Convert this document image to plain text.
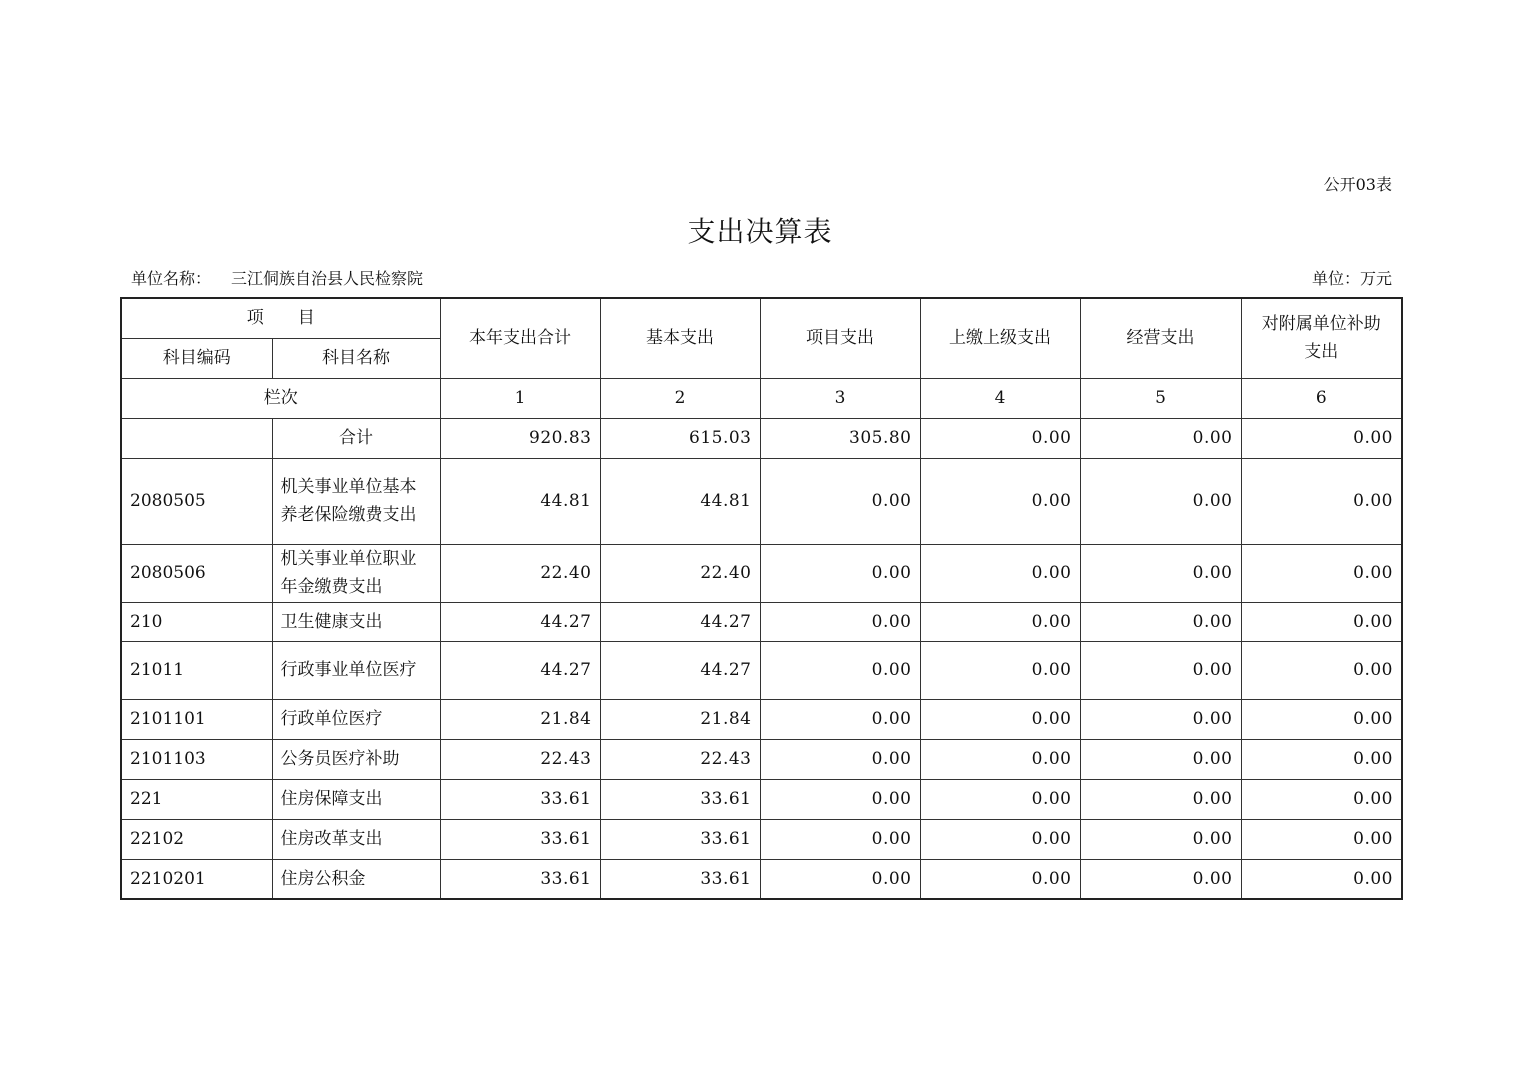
公开03表
支出决算表
单位名称： 三江侗族自治县人民检察院	单位：万元
项　　目		本年支出合计	基本支出	项目支出	上缴上级支出	经营支出	对附属单位补助支出
科目编码	科目名称						
栏次		1	2	3	4	5	6
	合计	920.83	615.03	305.80	0.00	0.00	0.00
2080505	机关事业单位基本养老保险缴费支出	44.81	44.81	0.00	0.00	0.00	0.00
2080506	机关事业单位职业年金缴费支出	22.40	22.40	0.00	0.00	0.00	0.00
210	卫生健康支出	44.27	44.27	0.00	0.00	0.00	0.00
21011	行政事业单位医疗	44.27	44.27	0.00	0.00	0.00	0.00
2101101	行政单位医疗	21.84	21.84	0.00	0.00	0.00	0.00
2101103	公务员医疗补助	22.43	22.43	0.00	0.00	0.00	0.00
221	住房保障支出	33.61	33.61	0.00	0.00	0.00	0.00
22102	住房改革支出	33.61	33.61	0.00	0.00	0.00	0.00
2210201	住房公积金	33.61	33.61	0.00	0.00	0.00	0.00
